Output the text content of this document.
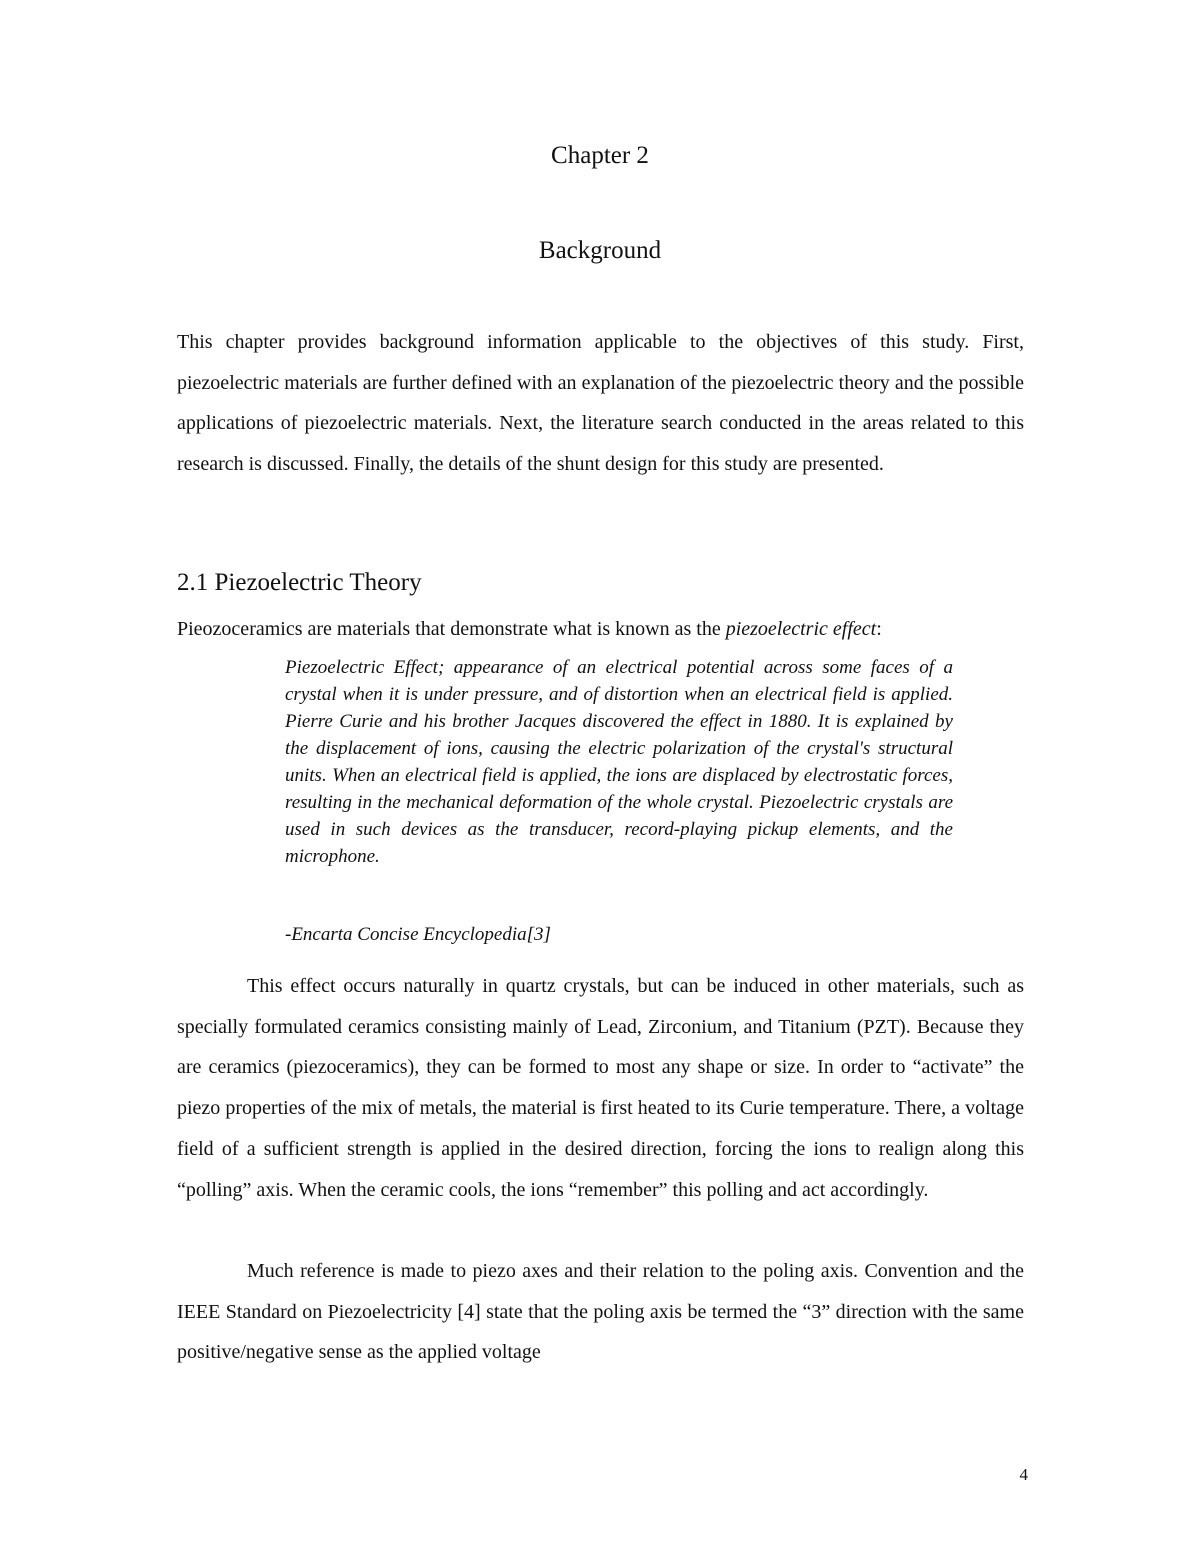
Chapter 2
Background

This chapter provides background information applicable to the objectives of this study. First, piezoelectric materials are further defined with an explanation of the piezoelectric theory and the possible applications of piezoelectric materials. Next, the literature search conducted in the areas related to this research is discussed. Finally, the details of the shunt design for this study are presented.

2.1 Piezoelectric Theory

Pieozoceramics are materials that demonstrate what is known as the piezoelectric effect:

Piezoelectric Effect; appearance of an electrical potential across some faces of a crystal when it is under pressure, and of distortion when an electrical field is applied. Pierre Curie and his brother Jacques discovered the effect in 1880. It is explained by the displacement of ions, causing the electric polarization of the crystal's structural units. When an electrical field is applied, the ions are displaced by electrostatic forces, resulting in the mechanical deformation of the whole crystal. Piezoelectric crystals are used in such devices as the transducer, record-playing pickup elements, and the microphone.

-Encarta Concise Encyclopedia[3]

This effect occurs naturally in quartz crystals, but can be induced in other materials, such as specially formulated ceramics consisting mainly of Lead, Zirconium, and Titanium (PZT). Because they are ceramics (piezoceramics), they can be formed to most any shape or size. In order to “activate” the piezo properties of the mix of metals, the material is first heated to its Curie temperature. There, a voltage field of a sufficient strength is applied in the desired direction, forcing the ions to realign along this “polling” axis. When the ceramic cools, the ions “remember” this polling and act accordingly.

Much reference is made to piezo axes and their relation to the poling axis. Convention and the IEEE Standard on Piezoelectricity [4] state that the poling axis be termed the “3” direction with the same positive/negative sense as the applied voltage

4
